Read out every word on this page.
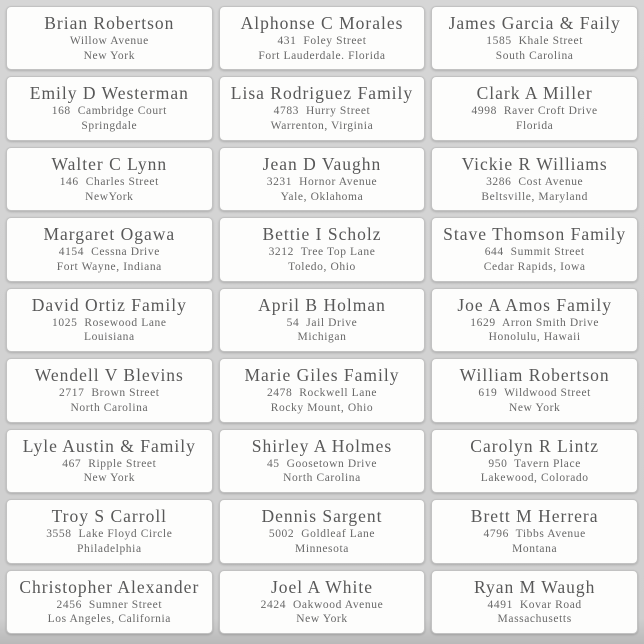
Brian Robertson
Willow Avenue
New York
Alphonse C Morales
431  Foley Street
Fort Lauderdale. Florida
James Garcia & Faily
1585  Khale Street
South Carolina
Emily D Westerman
168  Cambridge Court
Springdale
Lisa Rodriguez Family
4783  Hurry Street
Warrenton, Virginia
Clark A Miller
4998  Raver Croft Drive
Florida
Walter C Lynn
146  Charles Street
NewYork
Jean D Vaughn
3231  Hornor Avenue
Yale, Oklahoma
Vickie R Williams
3286  Cost Avenue
Beltsville, Maryland
Margaret Ogawa
4154  Cessna Drive
Fort Wayne, Indiana
Bettie I Scholz
3212  Tree Top Lane
Toledo, Ohio
Stave Thomson Family
644  Summit Street
Cedar Rapids, Iowa
David Ortiz Family
1025  Rosewood Lane
Louisiana
April B Holman
54  Jail Drive
Michigan
Joe A Amos Family
1629  Arron Smith Drive
Honolulu, Hawaii
Wendell V Blevins
2717  Brown Street
North Carolina
Marie Giles Family
2478  Rockwell Lane
Rocky Mount, Ohio
William Robertson
619  Wildwood Street
New York
Lyle Austin & Family
467  Ripple Street
New York
Shirley A Holmes
45  Goosetown Drive
North Carolina
Carolyn R Lintz
950  Tavern Place
Lakewood, Colorado
Troy S Carroll
3558  Lake Floyd Circle
Philadelphia
Dennis Sargent
5002  Goldleaf Lane
Minnesota
Brett M Herrera
4796  Tibbs Avenue
Montana
Christopher Alexander
2456  Sumner Street
Los Angeles, California
Joel A White
2424  Oakwood Avenue
New York
Ryan M Waugh
4491  Kovar Road
Massachusetts
